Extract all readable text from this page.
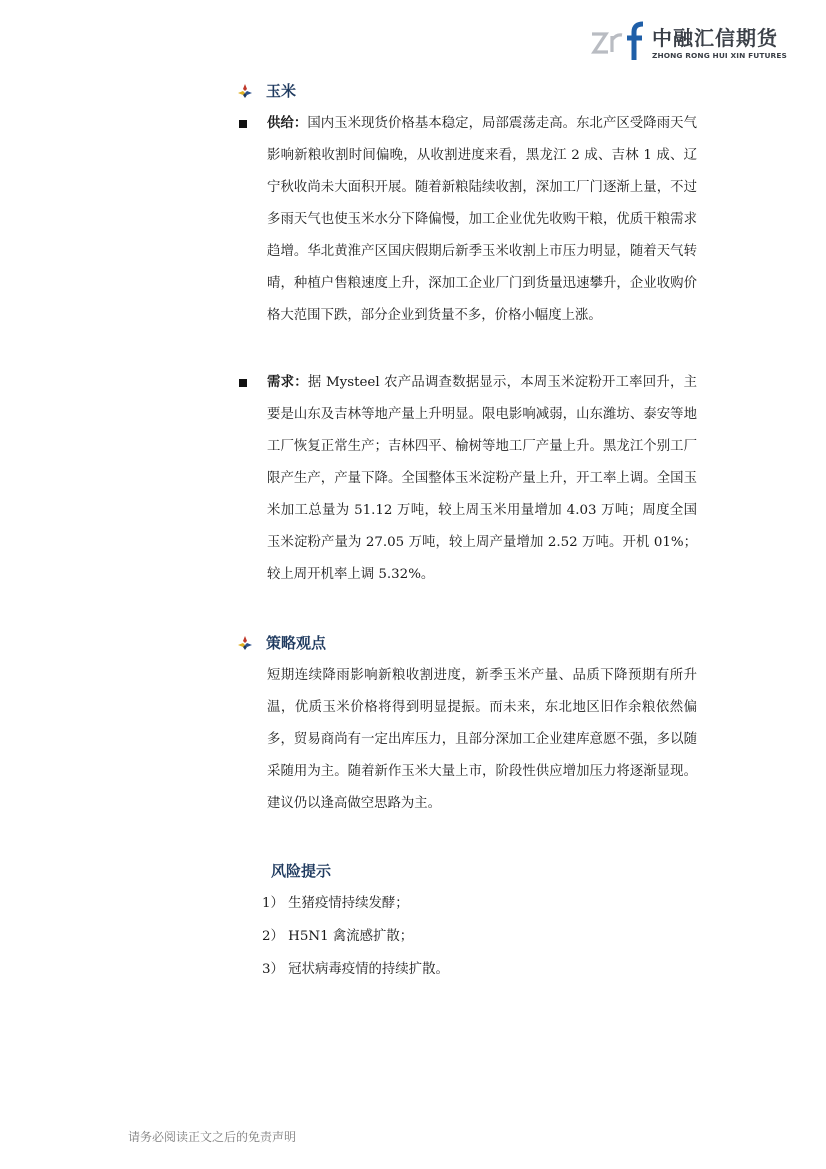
中融汇信期货
ZHONG RONG HUI XIN FUTURES
玉米
供给：国内玉米现货价格基本稳定，局部震荡走高。东北产区受降雨天气影响新粮收割时间偏晚，从收割进度来看，黑龙江 2 成、吉林 1 成、辽宁秋收尚未大面积开展。随着新粮陆续收割，深加工厂门逐渐上量，不过多雨天气也使玉米水分下降偏慢，加工企业优先收购干粮，优质干粮需求趋增。华北黄淮产区国庆假期后新季玉米收割上市压力明显，随着天气转晴，种植户售粮速度上升，深加工企业厂门到货量迅速攀升，企业收购价格大范围下跌，部分企业到货量不多，价格小幅度上涨。
需求：据 Mysteel 农产品调查数据显示，本周玉米淀粉开工率回升，主要是山东及吉林等地产量上升明显。限电影响减弱，山东潍坊、泰安等地工厂恢复正常生产；吉林四平、榆树等地工厂产量上升。黑龙江个别工厂限产生产，产量下降。全国整体玉米淀粉产量上升，开工率上调。全国玉米加工总量为 51.12 万吨，较上周玉米用量增加 4.03 万吨；周度全国玉米淀粉产量为 27.05 万吨，较上周产量增加 2.52 万吨。开机 01%；较上周开机率上调 5.32%。
策略观点
短期连续降雨影响新粮收割进度，新季玉米产量、品质下降预期有所升温，优质玉米价格将得到明显提振。而未来，东北地区旧作余粮依然偏多，贸易商尚有一定出库压力，且部分深加工企业建库意愿不强，多以随采随用为主。随着新作玉米大量上市，阶段性供应增加压力将逐渐显现。建议仍以逢高做空思路为主。
风险提示
1） 生猪疫情持续发酵；
2） H5N1 禽流感扩散；
3） 冠状病毒疫情的持续扩散。
请务必阅读正文之后的免责声明
